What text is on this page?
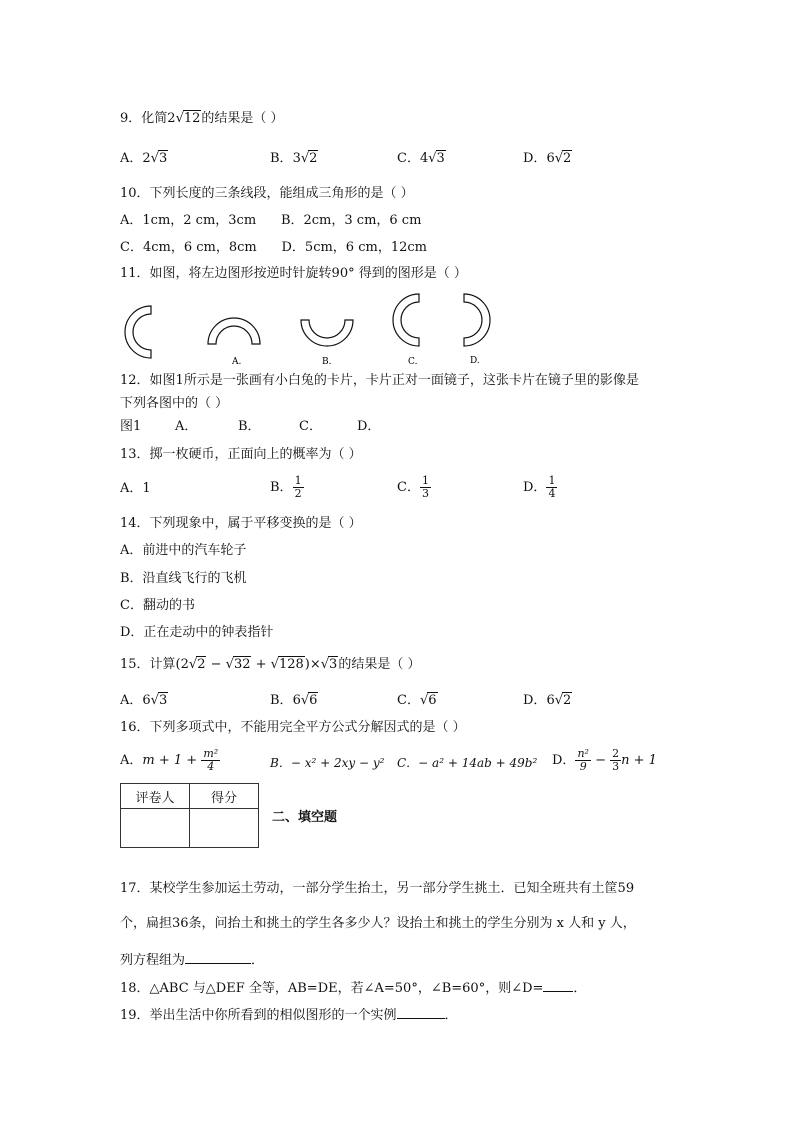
9．化简2√12的结果是（ ）
A．2√3	B．3√2	C．4√3	D．6√2
10．下列长度的三条线段，能组成三角形的是（ ）
A．1cm，2 cm，3cm      B．2cm，3 cm，6 cm
C．4cm，6 cm，8cm      D．5cm，6 cm，12cm
11．如图，将左边图形按逆时针旋转90° 得到的图形是（ ）
A.	B.	C.	D.
12．如图1所示是一张画有小白兔的卡片，卡片正对一面镜子，这张卡片在镜子里的影像是
下列各图中的（ ）
图1	A．	B．	C．	D．
13．掷一枚硬币，正面向上的概率为（ ）
A．1	B． $\frac{1}{2}$	C． $\frac{1}{3}$	D． $\frac{1}{4}$
14．下列现象中，属于平移变换的是（ ）
A．前进中的汽车轮子
B．沿直线飞行的飞机
C．翻动的书
D．正在走动中的钟表指针
15．计算(2√2 − √32 + √128)×√3的结果是（ ）
A．6√3	B．6√6	C．√6	D．6√2
16．下列多项式中，不能用完全平方公式分解因式的是（ ）
A．$m + 1 + \frac{\text{m²}}{4}$	B．− x² + 2xy − y² C．− a² + 14ab + 49b² D． $\frac{\text{n²}}{9} - \frac{2}{3}$ n + 1
评卷人	得分

二、填空题
17．某校学生参加运土劳动，一部分学生抬土，另一部分学生挑土．已知全班共有土筐59
个，扁担36条，问抬土和挑土的学生各多少人？设抬土和挑土的学生分别为 x 人和 y 人，
列方程组为	．
18．△ABC 与△DEF 全等，AB=DE，若∠A=50°，∠B=60°，则∠D= ．
19．举出生活中你所看到的相似图形的一个实例	．
